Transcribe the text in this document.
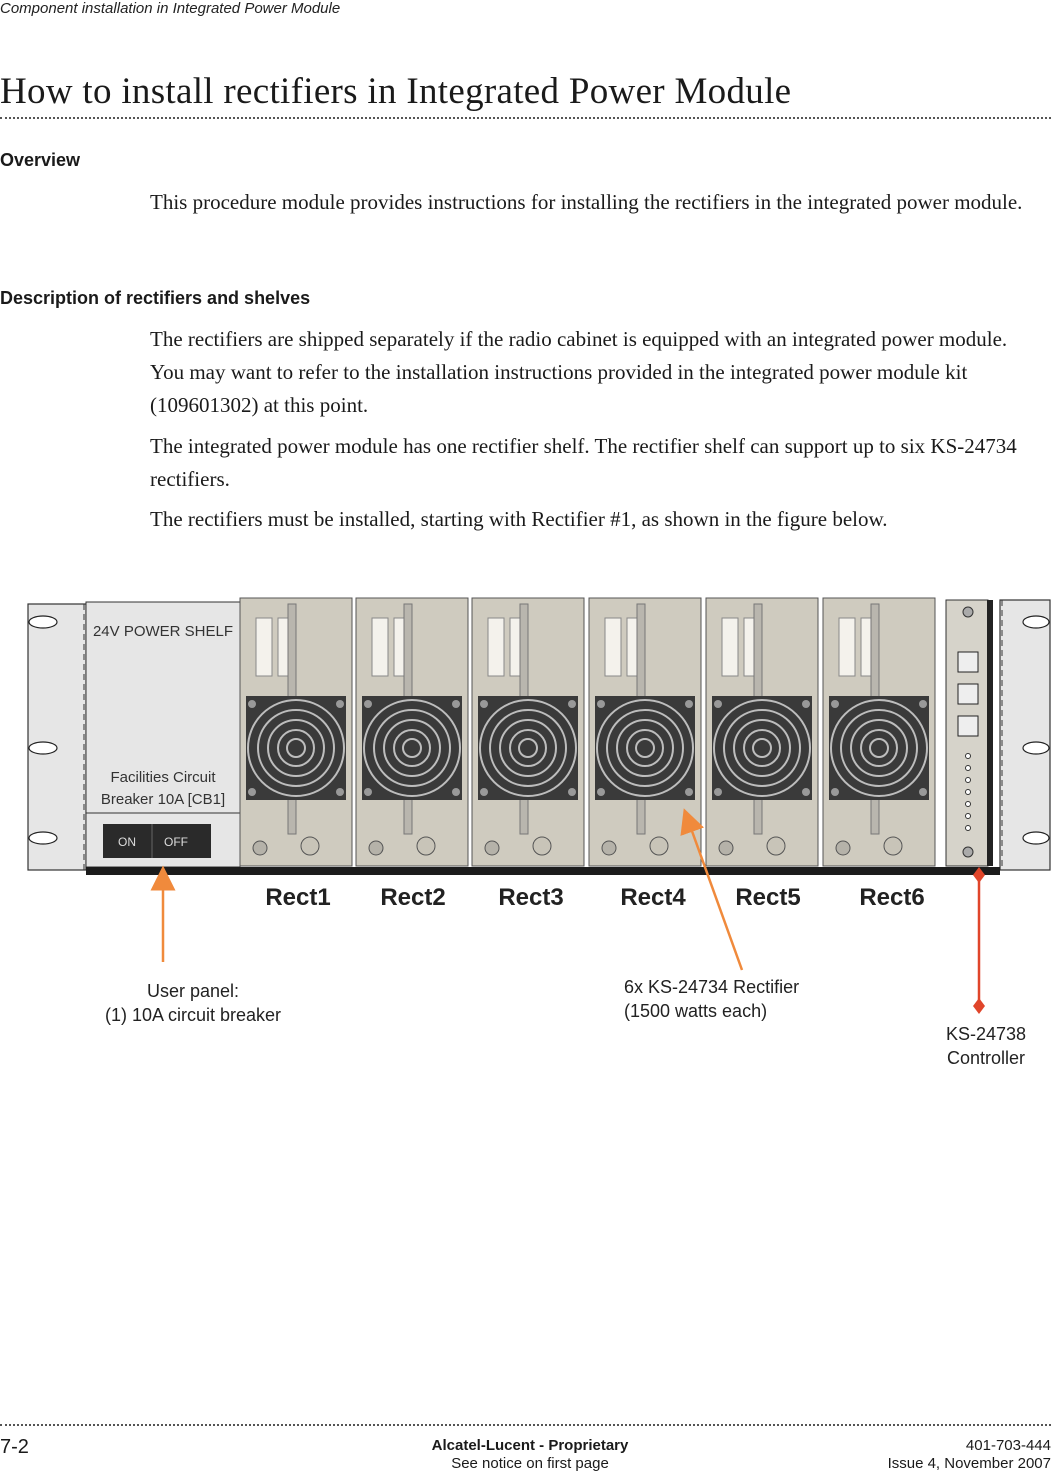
Component installation in Integrated Power Module
How to install rectifiers in Integrated Power Module
Overview

This procedure module provides instructions for installing the rectifiers in the integrated power module.

Description of rectifiers and shelves

The rectifiers are shipped separately if the radio cabinet is equipped with an integrated power module. You may want to refer to the installation instructions provided in the integrated power module kit (109601302) at this point.

The integrated power module has one rectifier shelf. The rectifier shelf can support up to six KS-24734 rectifiers.

The rectifiers must be installed, starting with Rectifier #1, as shown in the figure below.

24V POWER SHELF
Facilities Circuit
Breaker 10A [CB1]
ON OFF
Rect1 Rect2 Rect3 Rect4 Rect5 Rect6
User panel:
(1) 10A circuit breaker
6x KS-24734 Rectifier
(1500 watts each)
KS-24738
Controller
7-2	Alcatel-Lucent - Proprietary
See notice on first page
401-703-444
Issue 4, November 2007
